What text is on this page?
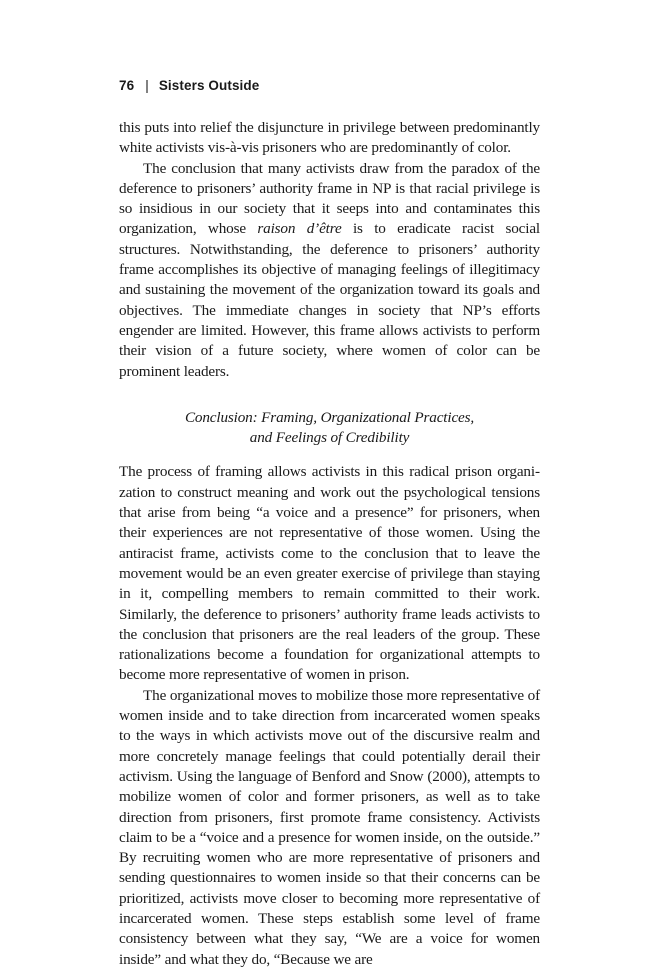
76 | Sisters Outside

this puts into relief the disjuncture in privilege between predominantly white activists vis-à-vis prisoners who are predominantly of color.

The conclusion that many activists draw from the paradox of the deference to prisoners’ authority frame in NP is that racial privilege is so insidious in our society that it seeps into and contaminates this organization, whose raison d’être is to eradicate racist social structures. Notwithstanding, the deference to prisoners’ authority frame accomplishes its objective of managing feelings of illegitimacy and sustaining the movement of the organization toward its goals and objectives. The immediate changes in society that NP’s efforts engender are limited. However, this frame allows activists to perform their vision of a future society, where women of color can be prominent leaders.

Conclusion: Framing, Organizational Practices,
and Feelings of Credibility

The process of framing allows activists in this radical prison organization to construct meaning and work out the psychological tensions that arise from being “a voice and a presence” for prisoners, when their experiences are not representative of those women. Using the antiracist frame, activists come to the conclusion that to leave the movement would be an even greater exercise of privilege than staying in it, compelling members to remain committed to their work. Similarly, the deference to prisoners’ authority frame leads activists to the conclusion that prisoners are the real leaders of the group. These rationalizations become a foundation for organizational attempts to become more representative of women in prison.

The organizational moves to mobilize those more representative of women inside and to take direction from incarcerated women speaks to the ways in which activists move out of the discursive realm and more concretely manage feelings that could potentially derail their activism. Using the language of Benford and Snow (2000), attempts to mobilize women of color and former prisoners, as well as to take direction from prisoners, first promote frame consistency. Activists claim to be a “voice and a presence for women inside, on the outside.” By recruiting women who are more representative of prisoners and sending questionnaires to women inside so that their concerns can be prioritized, activists move closer to becoming more representative of incarcerated women. These steps establish some level of frame consistency between what they say, “We are a voice for women inside” and what they do, “Because we are
